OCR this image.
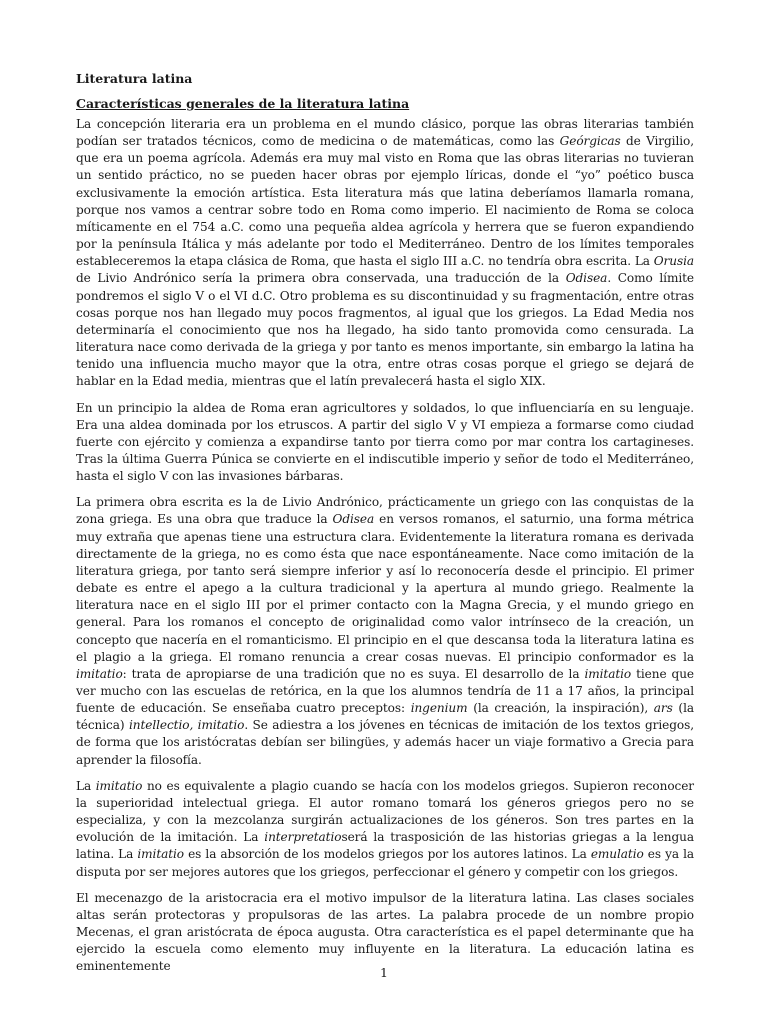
Literatura latina
Características generales de la literatura latina

La concepción literaria era un problema en el mundo clásico, porque las obras literarias también podían ser tratados técnicos, como de medicina o de matemáticas, como las Geórgicas de Virgilio, que era un poema agrícola. Además era muy mal visto en Roma que las obras literarias no tuvieran un sentido práctico, no se pueden hacer obras por ejemplo líricas, donde el “yo” poético busca exclusivamente la emoción artística. Esta literatura más que latina deberíamos llamarla romana, porque nos vamos a centrar sobre todo en Roma como imperio. El nacimiento de Roma se coloca míticamente en el 754 a.C. como una pequeña aldea agrícola y herrera que se fueron expandiendo por la península Itálica y más adelante por todo el Mediterráneo. Dentro de los límites temporales estableceremos la etapa clásica de Roma, que hasta el siglo III a.C. no tendría obra escrita. La Orusia de Livio Andrónico sería la primera obra conservada, una traducción de la Odisea. Como límite pondremos el siglo V o el VI d.C. Otro problema es su discontinuidad y su fragmentación, entre otras cosas porque nos han llegado muy pocos fragmentos, al igual que los griegos. La Edad Media nos determinaría el conocimiento que nos ha llegado, ha sido tanto promovida como censurada. La literatura nace como derivada de la griega y por tanto es menos importante, sin embargo la latina ha tenido una influencia mucho mayor que la otra, entre otras cosas porque el griego se dejará de hablar en la Edad media, mientras que el latín prevalecerá hasta el siglo XIX.

En un principio la aldea de Roma eran agricultores y soldados, lo que influenciaría en su lenguaje. Era una aldea dominada por los etruscos. A partir del siglo V y VI empieza a formarse como ciudad fuerte con ejército y comienza a expandirse tanto por tierra como por mar contra los cartagineses. Tras la última Guerra Púnica se convierte en el indiscutible imperio y señor de todo el Mediterráneo, hasta el siglo V con las invasiones bárbaras.

La primera obra escrita es la de Livio Andrónico, prácticamente un griego con las conquistas de la zona griega. Es una obra que traduce la Odisea en versos romanos, el saturnio, una forma métrica muy extraña que apenas tiene una estructura clara. Evidentemente la literatura romana es derivada directamente de la griega, no es como ésta que nace espontáneamente. Nace como imitación de la literatura griega, por tanto será siempre inferior y así lo reconocería desde el principio. El primer debate es entre el apego a la cultura tradicional y la apertura al mundo griego. Realmente la literatura nace en el siglo III por el primer contacto con la Magna Grecia, y el mundo griego en general. Para los romanos el concepto de originalidad como valor intrínseco de la creación, un concepto que nacería en el romanticismo. El principio en el que descansa toda la literatura latina es el plagio a la griega. El romano renuncia a crear cosas nuevas. El principio conformador es la imitatio: trata de apropiarse de una tradición que no es suya. El desarrollo de la imitatio tiene que ver mucho con las escuelas de retórica, en la que los alumnos tendría de 11 a 17 años, la principal fuente de educación. Se enseñaba cuatro preceptos: ingenium (la creación, la inspiración), ars (la técnica) intellectio, imitatio. Se adiestra a los jóvenes en técnicas de imitación de los textos griegos, de forma que los aristócratas debían ser bilingües, y además hacer un viaje formativo a Grecia para aprender la filosofía.

La imitatio no es equivalente a plagio cuando se hacía con los modelos griegos. Supieron reconocer la superioridad intelectual griega. El autor romano tomará los géneros griegos pero no se especializa, y con la mezcolanza surgirán actualizaciones de los géneros. Son tres partes en la evolución de la imitación. La interpretatioserá la trasposición de las historias griegas a la lengua latina. La imitatio es la absorción de los modelos griegos por los autores latinos. La emulatio es ya la disputa por ser mejores autores que los griegos, perfeccionar el género y competir con los griegos.

El mecenazgo de la aristocracia era el motivo impulsor de la literatura latina. Las clases sociales altas serán protectoras y propulsoras de las artes. La palabra procede de un nombre propio Mecenas, el gran aristócrata de época augusta. Otra característica es el papel determinante que ha ejercido la escuela como elemento muy influyente en la literatura. La educación latina es eminentemente	1
